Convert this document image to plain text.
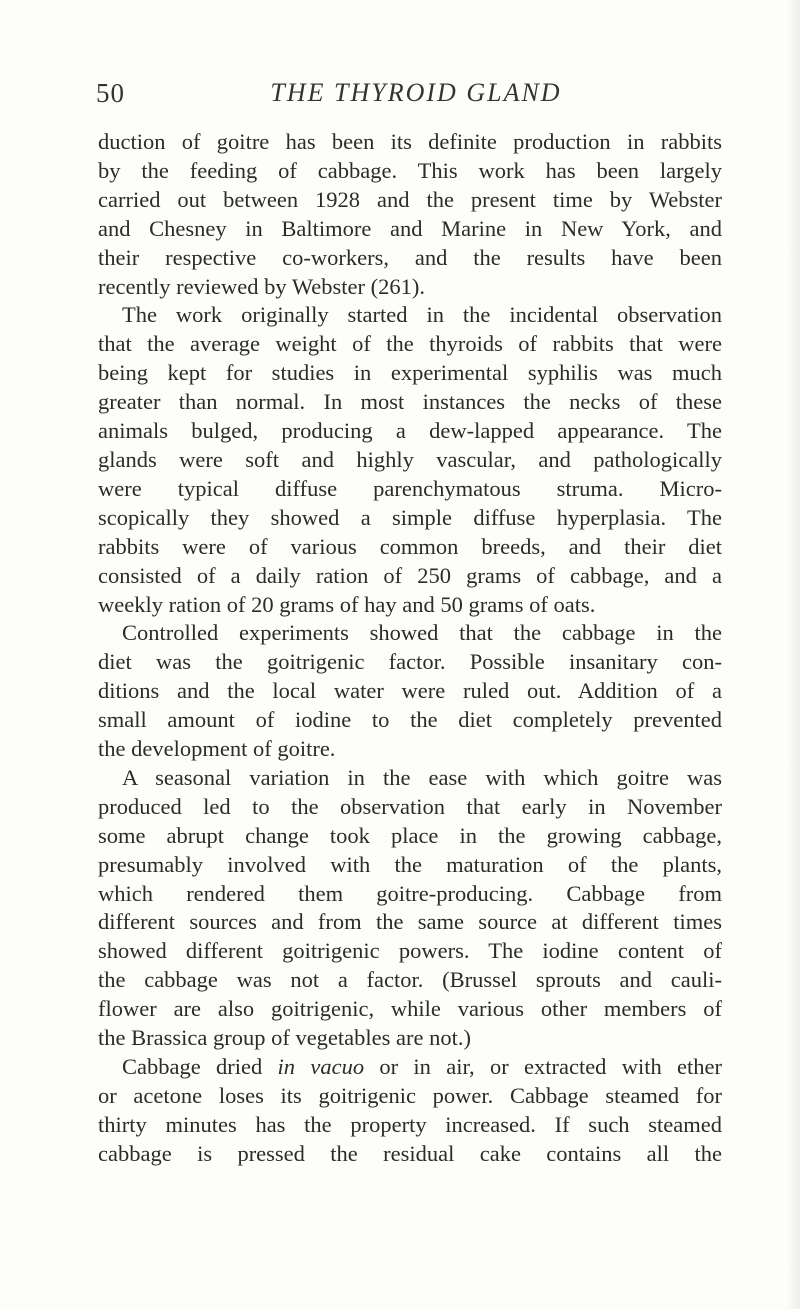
50	THE THYROID GLAND
duction of goitre has been its definite production in rabbits
by the feeding of cabbage. This work has been largely
carried out between 1928 and the present time by Webster
and Chesney in Baltimore and Marine in New York, and
their respective co-workers, and the results have been
recently reviewed by Webster (261).
The work originally started in the incidental observation
that the average weight of the thyroids of rabbits that were
being kept for studies in experimental syphilis was much
greater than normal. In most instances the necks of these
animals bulged, producing a dew-lapped appearance. The
glands were soft and highly vascular, and pathologically
were typical diffuse parenchymatous struma. Micro-
scopically they showed a simple diffuse hyperplasia. The
rabbits were of various common breeds, and their diet
consisted of a daily ration of 250 grams of cabbage, and a
weekly ration of 20 grams of hay and 50 grams of oats.
Controlled experiments showed that the cabbage in the
diet was the goitrigenic factor. Possible insanitary con-
ditions and the local water were ruled out. Addition of a
small amount of iodine to the diet completely prevented
the development of goitre.
A seasonal variation in the ease with which goitre was
produced led to the observation that early in November
some abrupt change took place in the growing cabbage,
presumably involved with the maturation of the plants,
which rendered them goitre-producing. Cabbage from
different sources and from the same source at different times
showed different goitrigenic powers. The iodine content of
the cabbage was not a factor. (Brussel sprouts and cauli-
flower are also goitrigenic, while various other members of
the Brassica group of vegetables are not.)
Cabbage dried in vacuo or in air, or extracted with ether
or acetone loses its goitrigenic power. Cabbage steamed for
thirty minutes has the property increased. If such steamed
cabbage is pressed the residual cake contains all the
